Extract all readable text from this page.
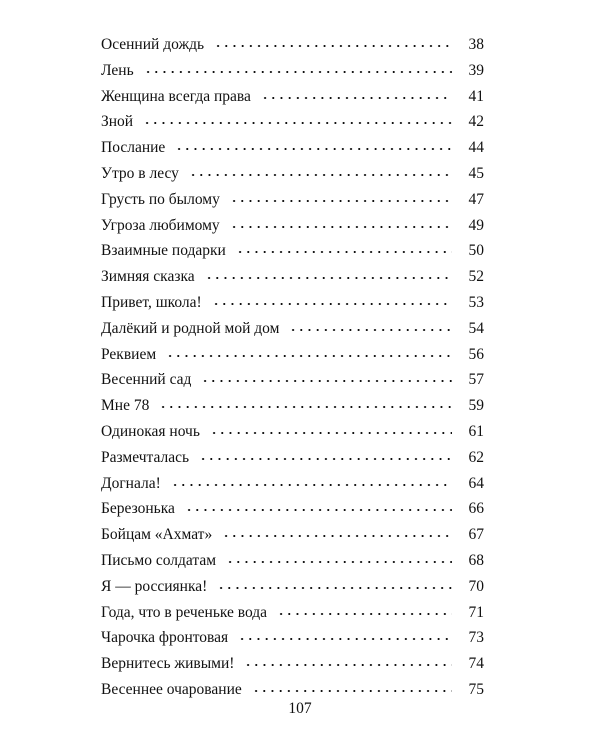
Осенний дождь	38
Лень	39
Женщина всегда права	41
Зной	42
Послание	44
Утро в лесу	45
Грусть по былому	47
Угроза любимому	49
Взаимные подарки	50
Зимняя сказка	52
Привет, школа!	53
Далёкий и родной мой дом	54
Реквием	56
Весенний сад	57
Мне 78	59
Одинокая ночь	61
Размечталась	62
Догнала!	64
Березонька	66
Бойцам «Ахмат»	67
Письмо солдатам	68
Я — россиянка!	70
Года, что в реченьке вода	71
Чарочка фронтовая	73
Вернитесь живыми!	74
Весеннее очарование	75

107
